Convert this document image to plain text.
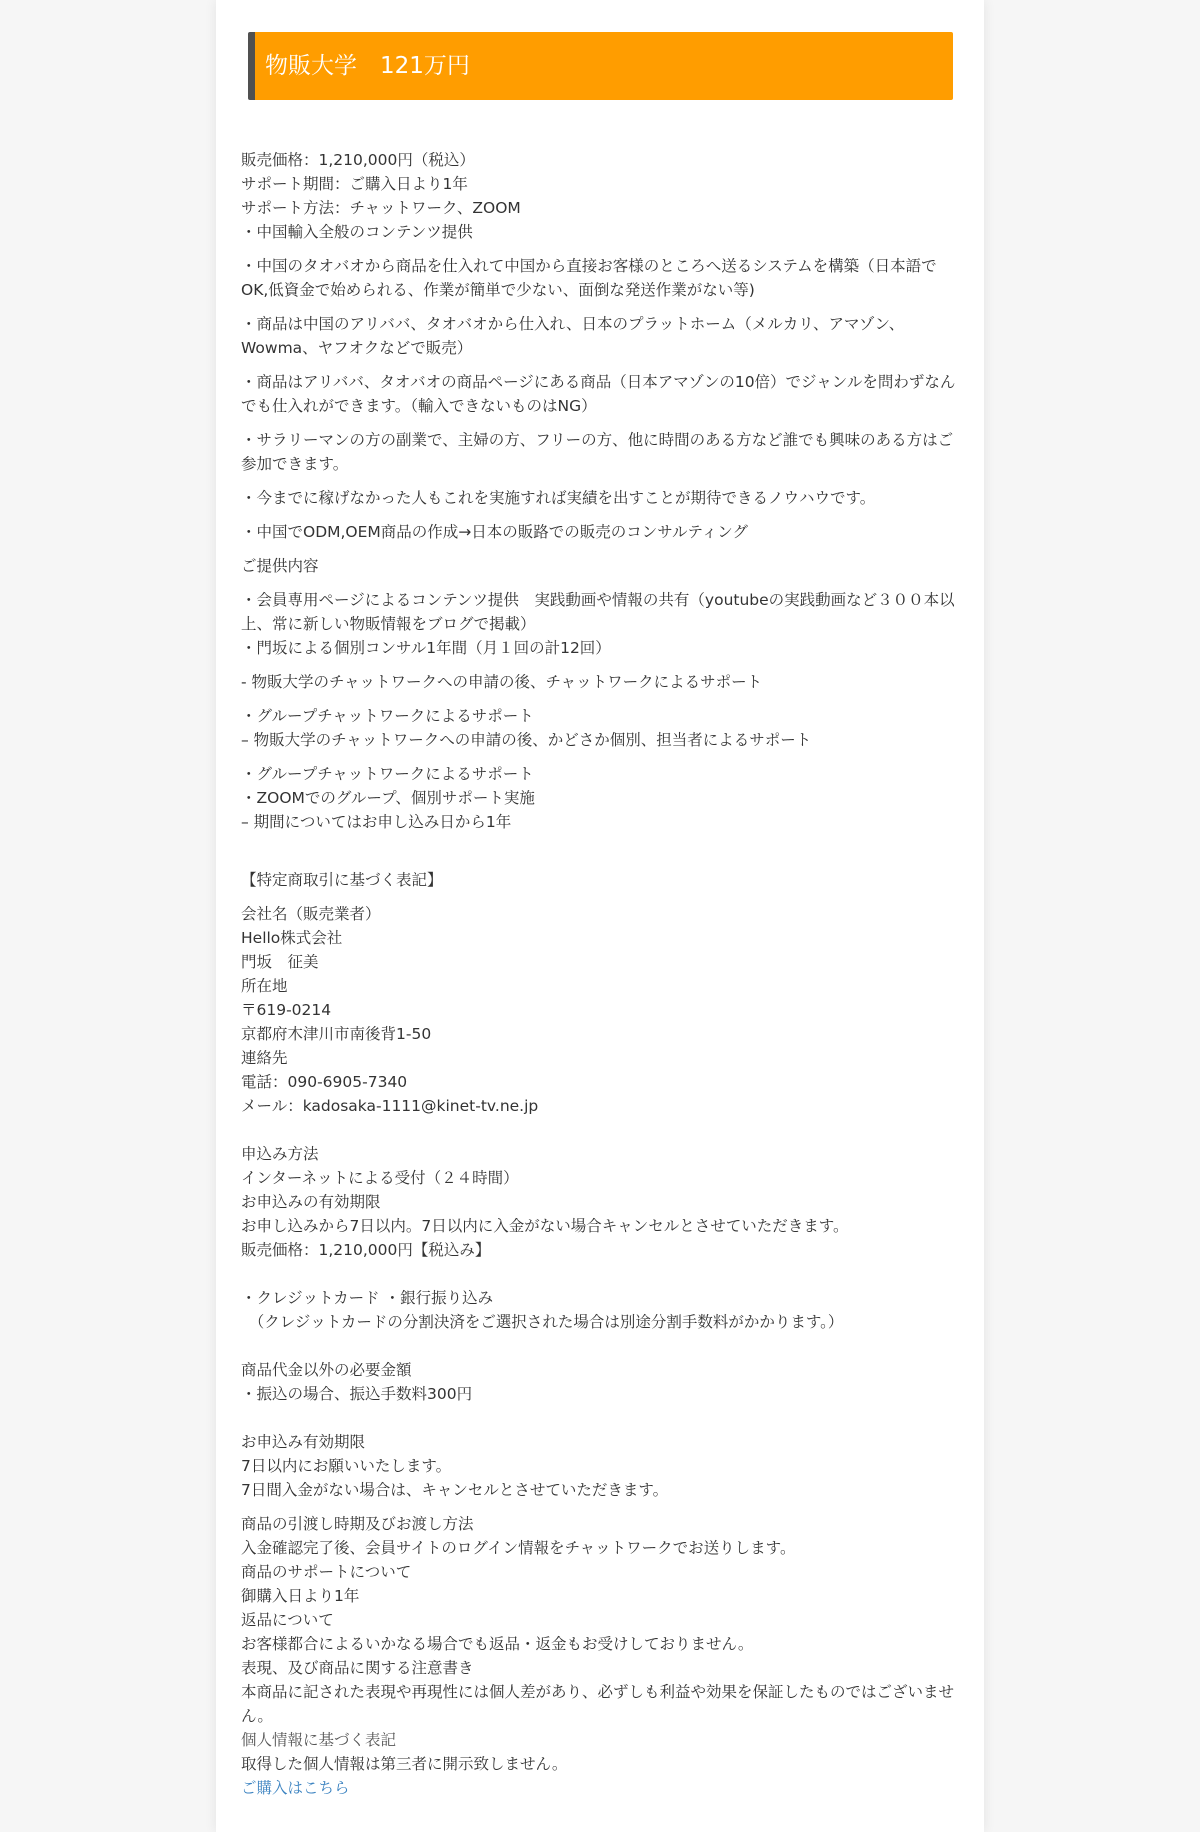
物販大学　121万円

販売価格：1,210,000円（税込）
サポート期間：ご購入日より1年
サポート方法：チャットワーク、ZOOM
・中国輸入全般のコンテンツ提供

・中国のタオバオから商品を仕入れて中国から直接お客様のところへ送るシステムを構築（日本語でOK,低資金で始められる、作業が簡単で少ない、面倒な発送作業がない等)

・商品は中国のアリババ、タオバオから仕入れ、日本のプラットホーム（メルカリ、アマゾン、Wowma、ヤフオクなどで販売）

・商品はアリババ、タオバオの商品ページにある商品（日本アマゾンの10倍）でジャンルを問わずなんでも仕入れができます。（輸入できないものはNG）

・サラリーマンの方の副業で、主婦の方、フリーの方、他に時間のある方など誰でも興味のある方はご参加できます。

・今までに稼げなかった人もこれを実施すれば実績を出すことが期待できるノウハウです。

・中国でODM,OEM商品の作成→日本の販路での販売のコンサルティング

ご提供内容

・会員専用ページによるコンテンツ提供　実践動画や情報の共有（youtubeの実践動画など３００本以上、常に新しい物販情報をブログで掲載）
・門坂による個別コンサル1年間（月１回の計12回）

- 物販大学のチャットワークへの申請の後、チャットワークによるサポート

・グループチャットワークによるサポート
– 物販大学のチャットワークへの申請の後、かどさか個別、担当者によるサポート

・グループチャットワークによるサポート
・ZOOMでのグループ、個別サポート実施
– 期間についてはお申し込み日から1年

【特定商取引に基づく表記】

会社名（販売業者）
Hello株式会社
門坂　征美
所在地
〒619-0214
京都府木津川市南後背1-50
連絡先
電話：090-6905-7340
メール：kadosaka-1111@kinet-tv.ne.jp
申込み方法
インターネットによる受付（２４時間）
お申込みの有効期限
お申し込みから7日以内。7日以内に入金がない場合キャンセルとさせていただきます。
販売価格：1,210,000円【税込み】
・クレジットカード ・銀行振り込み
　（クレジットカードの分割決済をご選択された場合は別途分割手数料がかかります。）
商品代金以外の必要金額
・振込の場合、振込手数料300円

お申込み有効期限
7日以内にお願いいたします。
7日間入金がない場合は、キャンセルとさせていただきます。

商品の引渡し時期及びお渡し方法
入金確認完了後、会員サイトのログイン情報をチャットワークでお送りします。
商品のサポートについて
御購入日より1年
返品について
お客様都合によるいかなる場合でも返品・返金もお受けしておりません。
表現、及び商品に関する注意書き
本商品に記された表現や再現性には個人差があり、必ずしも利益や効果を保証したものではございません。
個人情報に基づく表記
取得した個人情報は第三者に開示致しません。
ご購入はこちら
